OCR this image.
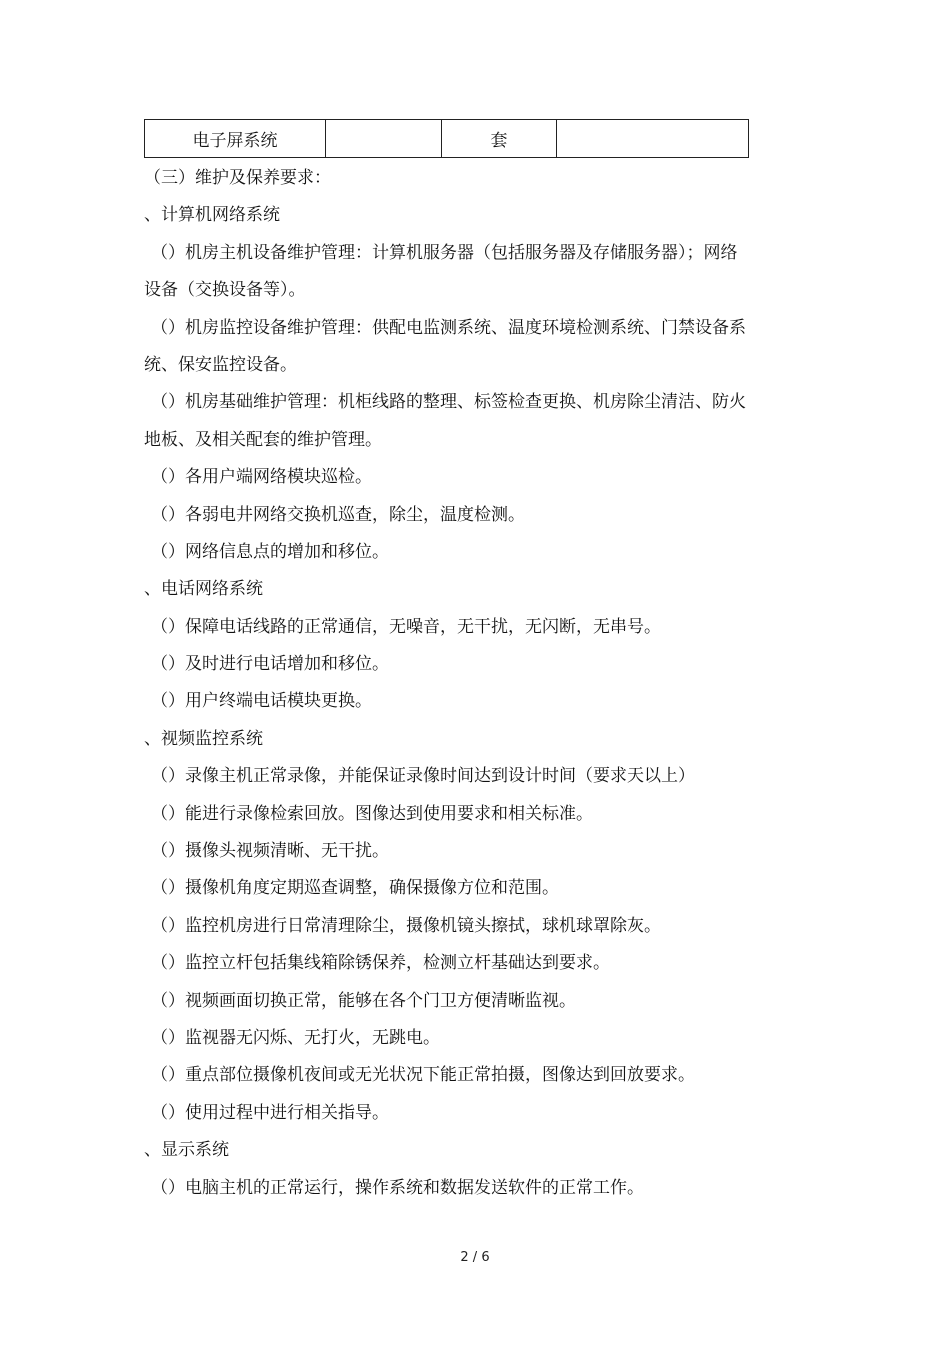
电子屏系统		套	

（三）维护及保养要求：

、计算机网络系统

（）机房主机设备维护管理：计算机服务器（包括服务器及存储服务器）；网络

设备（交换设备等）。

（）机房监控设备维护管理：供配电监测系统、温度环境检测系统、门禁设备系

统、保安监控设备。

（）机房基础维护管理：机柜线路的整理、标签检查更换、机房除尘清洁、防火

地板、及相关配套的维护管理。

（）各用户端网络模块巡检。

（）各弱电井网络交换机巡查，除尘，温度检测。

（）网络信息点的增加和移位。

、电话网络系统

（）保障电话线路的正常通信，无噪音，无干扰，无闪断，无串号。

（）及时进行电话增加和移位。

（）用户终端电话模块更换。

、视频监控系统

（）录像主机正常录像，并能保证录像时间达到设计时间（要求天以上）

（）能进行录像检索回放。图像达到使用要求和相关标准。

（）摄像头视频清晰、无干扰。

（）摄像机角度定期巡查调整，确保摄像方位和范围。

（）监控机房进行日常清理除尘，摄像机镜头擦拭，球机球罩除灰。

（）监控立杆包括集线箱除锈保养，检测立杆基础达到要求。

（）视频画面切换正常，能够在各个门卫方便清晰监视。

（）监视器无闪烁、无打火，无跳电。

（）重点部位摄像机夜间或无光状况下能正常拍摄，图像达到回放要求。

（）使用过程中进行相关指导。

、显示系统

（）电脑主机的正常运行，操作系统和数据发送软件的正常工作。

2 / 6
